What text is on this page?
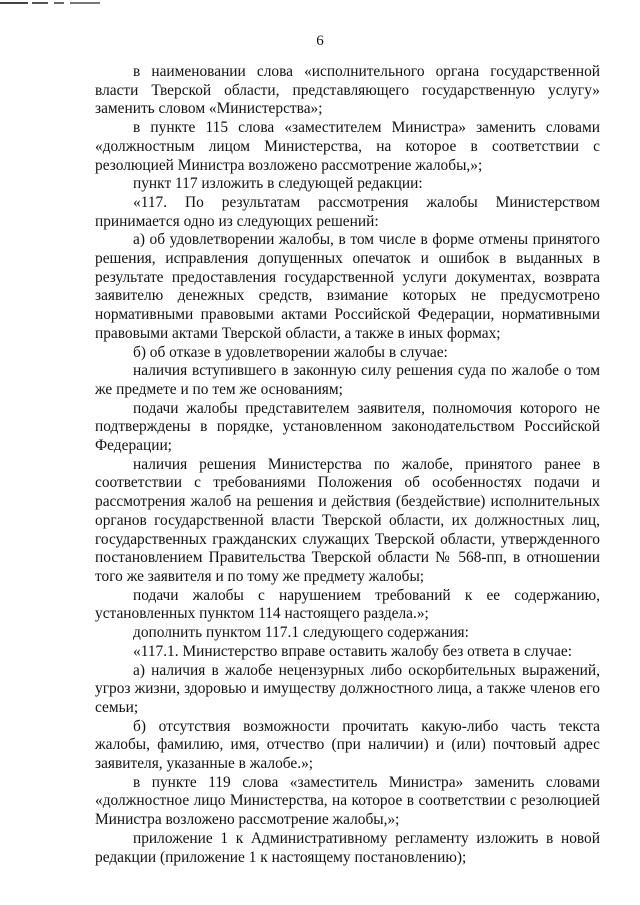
6

в наименовании слова «исполнительного органа государственной власти Тверской области, представляющего государственную услугу» заменить словом «Министерства»;

в пункте 115 слова «заместителем Министра» заменить словами «должностным лицом Министерства, на которое в соответствии с резолюцией Министра возложено рассмотрение жалобы,»;

пункт 117 изложить в следующей редакции:

«117. По результатам рассмотрения жалобы Министерством принимается одно из следующих решений:

а) об удовлетворении жалобы, в том числе в форме отмены принятого решения, исправления допущенных опечаток и ошибок в выданных в результате предоставления государственной услуги документах, возврата заявителю денежных средств, взимание которых не предусмотрено нормативными правовыми актами Российской Федерации, нормативными правовыми актами Тверской области, а также в иных формах;

б) об отказе в удовлетворении жалобы в случае:

наличия вступившего в законную силу решения суда по жалобе о том же предмете и по тем же основаниям;

подачи жалобы представителем заявителя, полномочия которого не подтверждены в порядке, установленном законодательством Российской Федерации;

наличия решения Министерства по жалобе, принятого ранее в соответствии с требованиями Положения об особенностях подачи и рассмотрения жалоб на решения и действия (бездействие) исполнительных органов государственной власти Тверской области, их должностных лиц, государственных гражданских служащих Тверской области, утвержденного постановлением Правительства Тверской области № 568-пп, в отношении того же заявителя и по тому же предмету жалобы;

подачи жалобы с нарушением требований к ее содержанию, установленных пунктом 114 настоящего раздела.»;

дополнить пунктом 117.1 следующего содержания:

«117.1. Министерство вправе оставить жалобу без ответа в случае:

а) наличия в жалобе нецензурных либо оскорбительных выражений, угроз жизни, здоровью и имуществу должностного лица, а также членов его семьи;

б) отсутствия возможности прочитать какую-либо часть текста жалобы, фамилию, имя, отчество (при наличии) и (или) почтовый адрес заявителя, указанные в жалобе.»;

в пункте 119 слова «заместитель Министра» заменить словами «должностное лицо Министерства, на которое в соответствии с резолюцией Министра возложено рассмотрение жалобы,»;

приложение 1 к Административному регламенту изложить в новой редакции (приложение 1 к настоящему постановлению);
